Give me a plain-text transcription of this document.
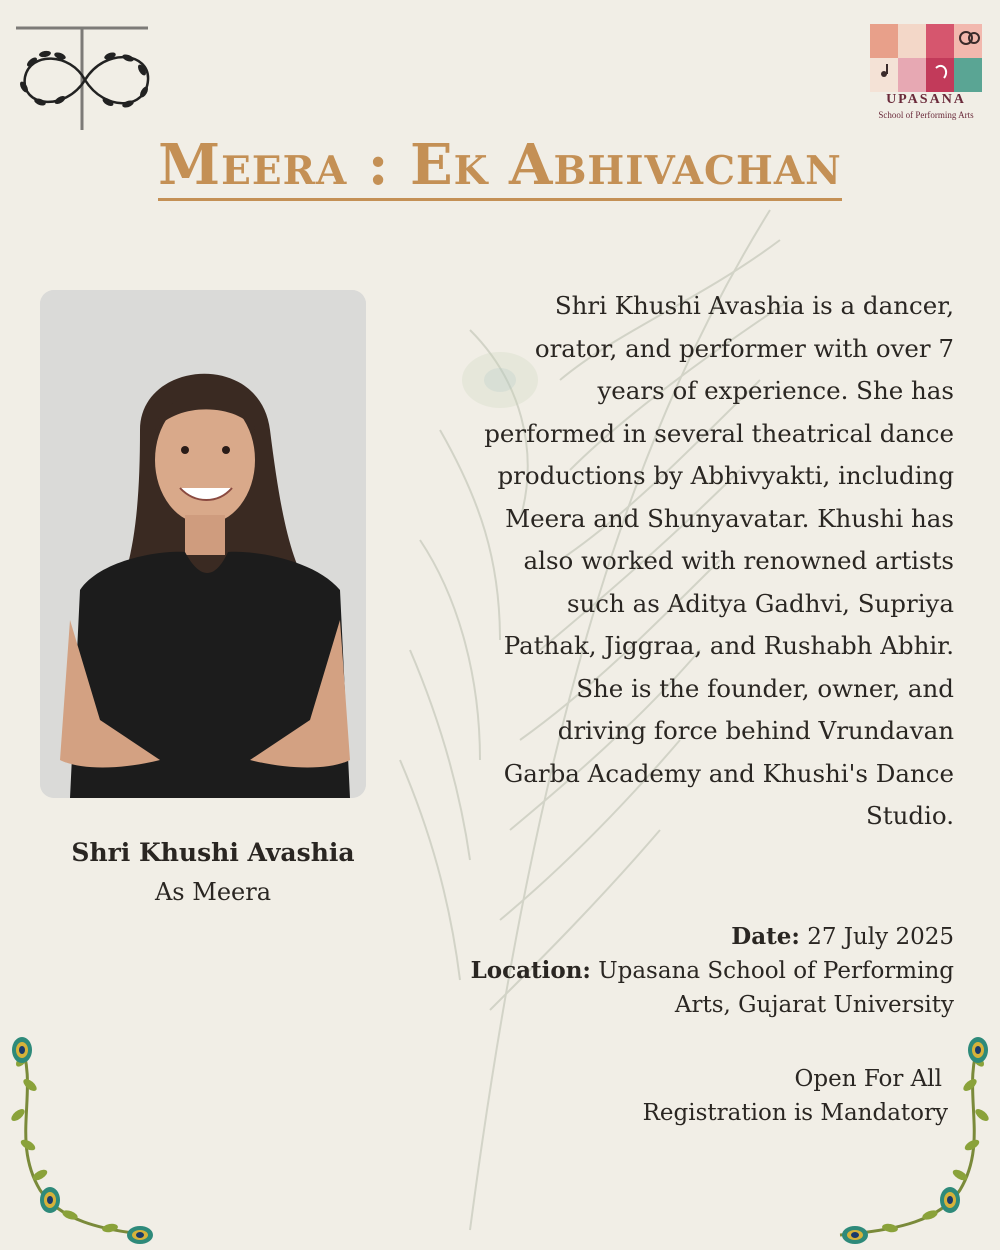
UPASANA
School of Performing Arts
Meera : Ek Abhivachan
Shri Khushi Avashia
As Meera
Shri Khushi Avashia is a dancer,
orator, and performer with over 7
years of experience. She has
performed in several theatrical dance
productions by Abhivyakti, including
Meera and Shunyavatar. Khushi has
also worked with renowned artists
such as Aditya Gadhvi, Supriya
Pathak, Jiggraa, and Rushabh Abhir.
She is the founder, owner, and
driving force behind Vrundavan
Garba Academy and Khushi's Dance
Studio.
Date: 27 July 2025
Location: Upasana School of Performing
Arts, Gujarat University
Open For All
Registration is Mandatory
